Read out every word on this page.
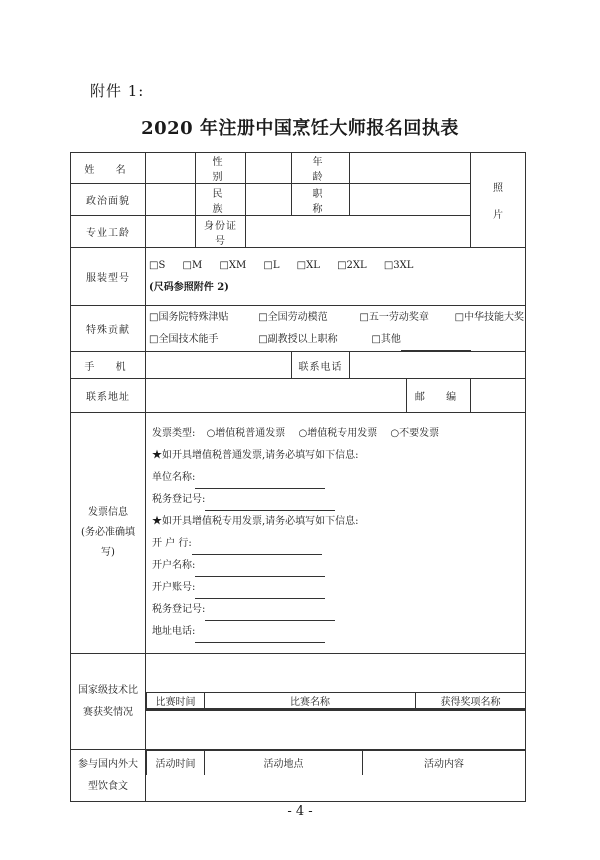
附件 1:
2020 年注册中国烹饪大师报名回执表
姓 名		性 别		年 龄		
照
片

政治面貌		民 族		职 称	
专业工龄		身份证号	
服装型号	
□S □M □XM □L □XL □2XL □3XL
(尺码参照附件 2)

特殊贡献	
□国务院特殊津贴	□全国劳动模范	□五一劳动奖章	□中华技能大奖
□全国技术能手	□副教授以上职称	□其他

手 机		联系电话	
联系地址		邮 编	

发票信息
(务必准确填写)

发票类型: ○增值税普通发票 ○增值税专用发票 ○不要发票
★如开具增值税普通发票,请务必填写如下信息:
单位名称:
税务登记号:
★如开具增值税专用发票,请务必填写如下信息:
开 户 行:
开户名称:
开户账号:
税务登记号:
地址电话:

国家级技术比赛获奖情况	
比赛时间	比赛名称	获得奖项名称

参与国内外大型饮食文	
活动时间	活动地点	活动内容
- 4 -
